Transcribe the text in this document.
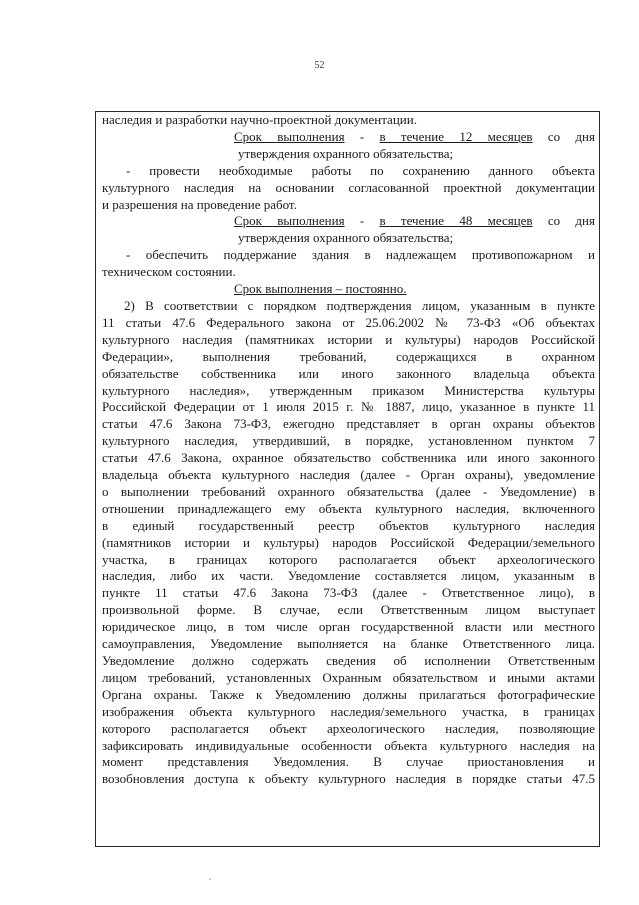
52
наследия и разработки научно-проектной документации.
Срок выполнения - в течение 12 месяцев со дня
утверждения охранного обязательства;
- провести необходимые работы по сохранению данного объекта
культурного наследия на основании согласованной проектной документации
и разрешения на проведение работ.
Срок выполнения - в течение 48 месяцев со дня
утверждения охранного обязательства;
- обеспечить поддержание здания в надлежащем противопожарном и
техническом состоянии.
Срок выполнения – постоянно.
2) В соответствии с порядком подтверждения лицом, указанным в пункте
11 статьи 47.6 Федерального закона от 25.06.2002 № 73-ФЗ «Об объектах
культурного наследия (памятниках истории и культуры) народов Российской
Федерации», выполнения требований, содержащихся в охранном
обязательстве собственника или иного законного владельца объекта
культурного наследия», утвержденным приказом Министерства культуры
Российской Федерации от 1 июля 2015 г. № 1887, лицо, указанное в пункте 11
статьи 47.6 Закона 73-ФЗ, ежегодно представляет в орган охраны объектов
культурного наследия, утвердивший, в порядке, установленном пунктом 7
статьи 47.6 Закона, охранное обязательство собственника или иного законного
владельца объекта культурного наследия (далее - Орган охраны), уведомление
о выполнении требований охранного обязательства (далее - Уведомление) в
отношении принадлежащего ему объекта культурного наследия, включенного
в единый государственный реестр объектов культурного наследия
(памятников истории и культуры) народов Российской Федерации/земельного
участка, в границах которого располагается объект археологического
наследия, либо их части. Уведомление составляется лицом, указанным в
пункте 11 статьи 47.6 Закона 73-ФЗ (далее - Ответственное лицо), в
произвольной форме. В случае, если Ответственным лицом выступает
юридическое лицо, в том числе орган государственной власти или местного
самоуправления, Уведомление выполняется на бланке Ответственного лица.
Уведомление должно содержать сведения об исполнении Ответственным
лицом требований, установленных Охранным обязательством и иными актами
Органа охраны. Также к Уведомлению должны прилагаться фотографические
изображения объекта культурного наследия/земельного участка, в границах
которого располагается объект археологического наследия, позволяющие
зафиксировать индивидуальные особенности объекта культурного наследия на
момент представления Уведомления. В случае приостановления и
возобновления доступа к объекту культурного наследия в порядке статьи 47.5
